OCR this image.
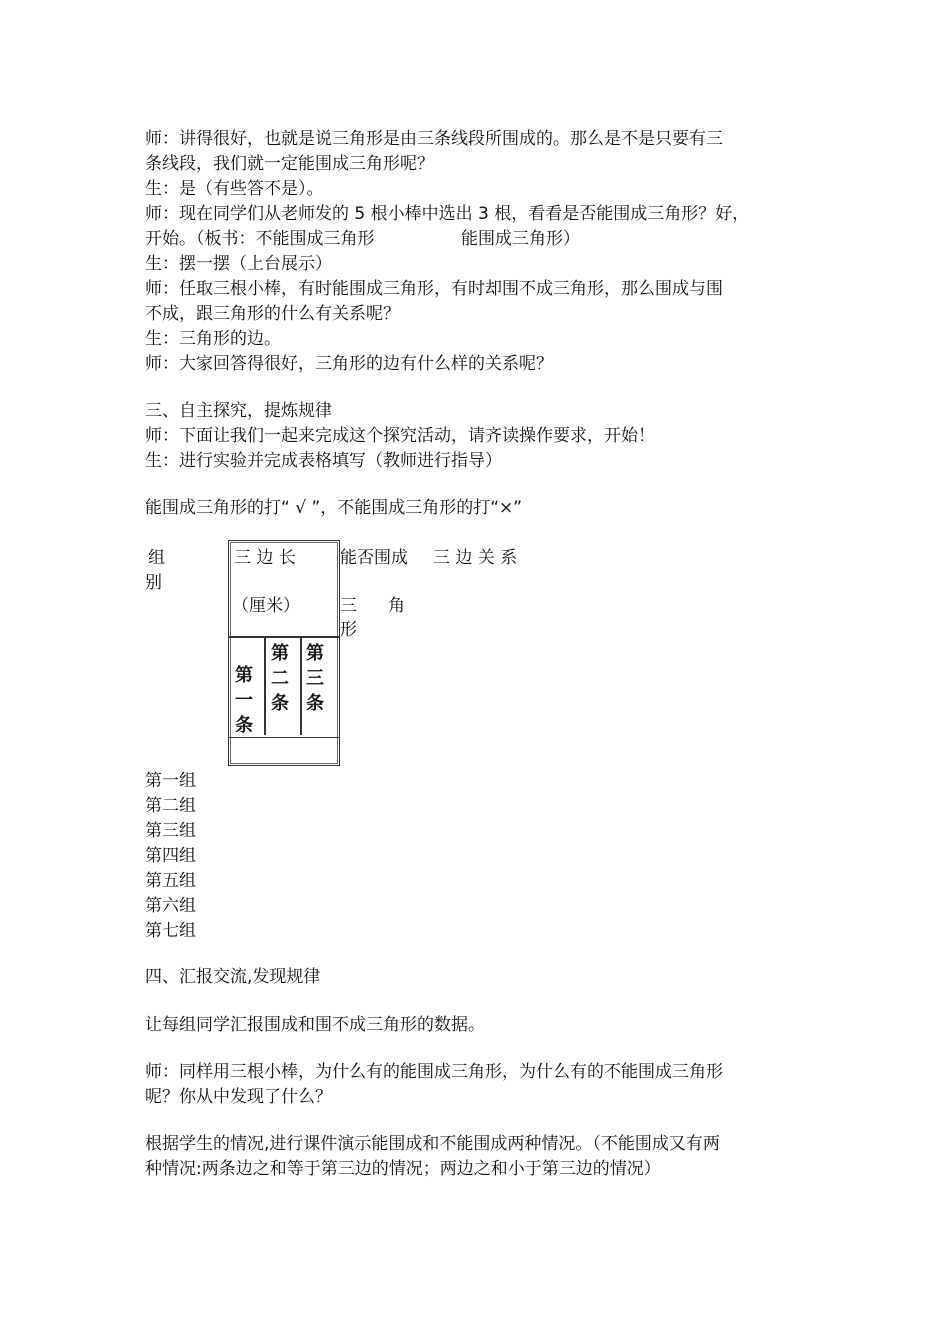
师：讲得很好，也就是说三角形是由三条线段所围成的。那么是不是只要有三
条线段，我们就一定能围成三角形呢？
生：是（有些答不是）。
师：现在同学们从老师发的 5 根小棒中选出 3 根，看看是否能围成三角形？好，
开始。（板书：不能围成三角形	能围成三角形）
生：摆一摆（上台展示）
师：任取三根小棒，有时能围成三角形，有时却围不成三角形，那么围成与围
不成，跟三角形的什么有关系呢？
生：三角形的边。
师：大家回答得很好，三角形的边有什么样的关系呢？
三、自主探究，提炼规律
师：下面让我们一起来完成这个探究活动，请齐读操作要求，开始！
生：进行实验并完成表格填写（教师进行指导）
能围成三角形的打“ √ ”，不能围成三角形的打“×”
组
别
三 边 长
（厘米）
能否围成
三 角
形
三 边 关 系
第
一
条
第
二
条
第
三
条
第一组
第二组
第三组
第四组
第五组
第六组
第七组
四、汇报交流,发现规律
让每组同学汇报围成和围不成三角形的数据。
师：同样用三根小棒，为什么有的能围成三角形，为什么有的不能围成三角形
呢？你从中发现了什么？
根据学生的情况,进行课件演示能围成和不能围成两种情况。（不能围成又有两
种情况:两条边之和等于第三边的情况；两边之和小于第三边的情况）
